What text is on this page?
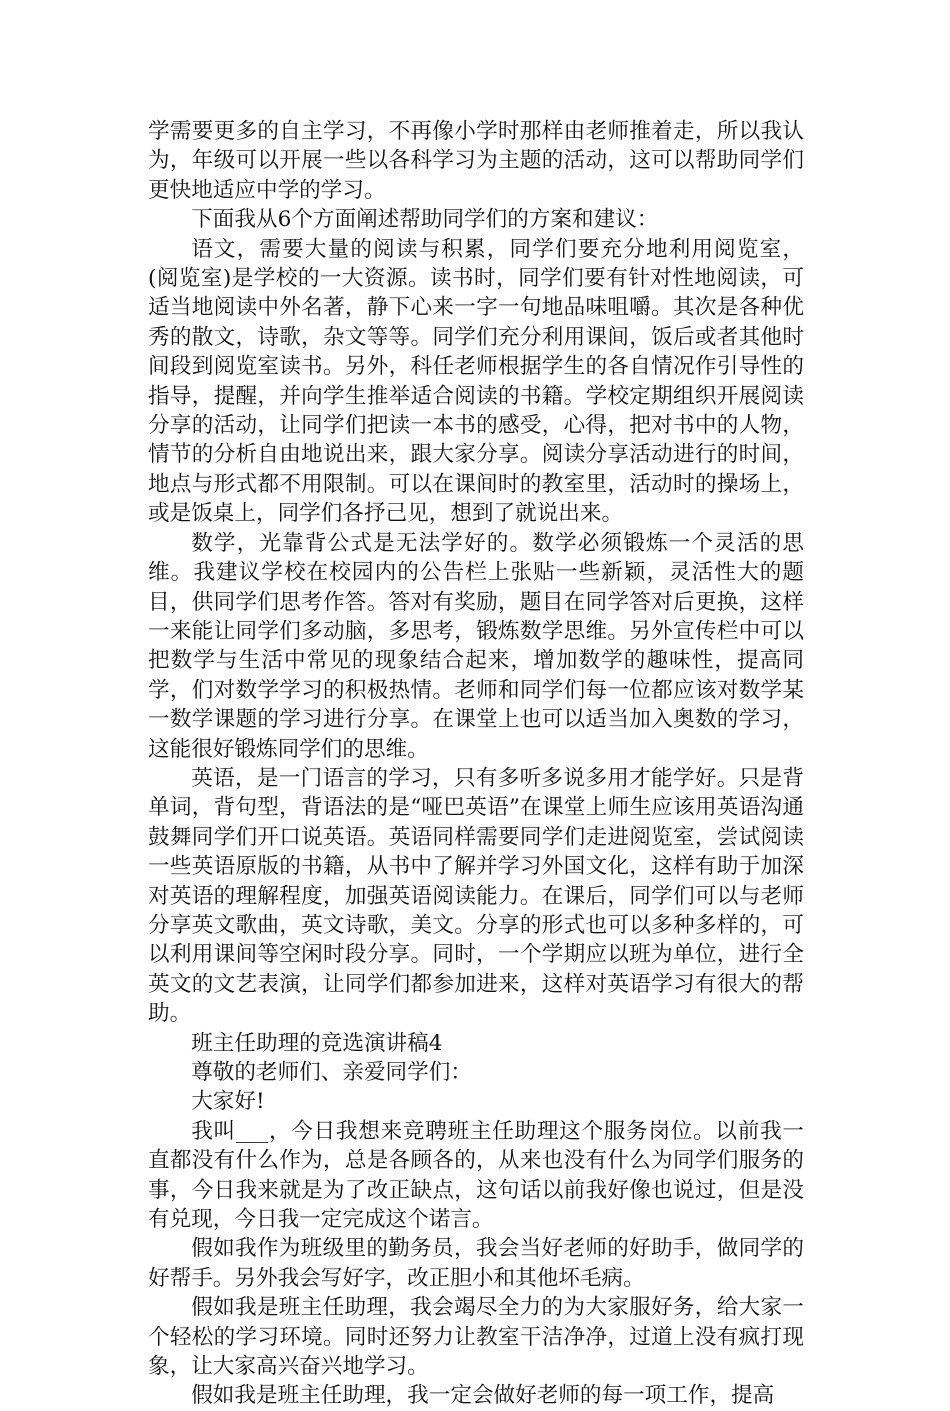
学需要更多的自主学习，不再像小学时那样由老师推着走，所以我认为，年级可以开展一些以各科学习为主题的活动，这可以帮助同学们更快地适应中学的学习。

下面我从6个方面阐述帮助同学们的方案和建议：

语文，需要大量的阅读与积累，同学们要充分地利用阅览室，(阅览室)是学校的一大资源。读书时，同学们要有针对性地阅读，可适当地阅读中外名著，静下心来一字一句地品味咀嚼。其次是各种优秀的散文，诗歌，杂文等等。同学们充分利用课间，饭后或者其他时间段到阅览室读书。另外，科任老师根据学生的各自情况作引导性的指导，提醒，并向学生推举适合阅读的书籍。学校定期组织开展阅读分享的活动，让同学们把读一本书的感受，心得，把对书中的人物，情节的分析自由地说出来，跟大家分享。阅读分享活动进行的时间，地点与形式都不用限制。可以在课间时的教室里，活动时的操场上，或是饭桌上，同学们各抒己见，想到了就说出来。

数学，光靠背公式是无法学好的。数学必须锻炼一个灵活的思维。我建议学校在校园内的公告栏上张贴一些新颖，灵活性大的题目，供同学们思考作答。答对有奖励，题目在同学答对后更换，这样一来能让同学们多动脑，多思考，锻炼数学思维。另外宣传栏中可以把数学与生活中常见的现象结合起来，增加数学的趣味性，提高同学，们对数学学习的积极热情。老师和同学们每一位都应该对数学某一数学课题的学习进行分享。在课堂上也可以适当加入奥数的学习，这能很好锻炼同学们的思维。

英语，是一门语言的学习，只有多听多说多用才能学好。只是背单词，背句型，背语法的是“哑巴英语”在课堂上师生应该用英语沟通鼓舞同学们开口说英语。英语同样需要同学们走进阅览室，尝试阅读一些英语原版的书籍，从书中了解并学习外国文化，这样有助于加深对英语的理解程度，加强英语阅读能力。在课后，同学们可以与老师分享英文歌曲，英文诗歌，美文。分享的形式也可以多种多样的，可以利用课间等空闲时段分享。同时，一个学期应以班为单位，进行全英文的文艺表演，让同学们都参加进来，这样对英语学习有很大的帮助。

班主任助理的竞选演讲稿4

尊敬的老师们、亲爱同学们：

大家好!

我叫___，今日我想来竞聘班主任助理这个服务岗位。以前我一直都没有什么作为，总是各顾各的，从来也没有什么为同学们服务的事，今日我来就是为了改正缺点，这句话以前我好像也说过，但是没有兑现，今日我一定完成这个诺言。

假如我作为班级里的勤务员，我会当好老师的好助手，做同学的好帮手。另外我会写好字，改正胆小和其他坏毛病。

假如我是班主任助理，我会竭尽全力的为大家服好务，给大家一个轻松的学习环境。同时还努力让教室干洁净净，过道上没有疯打现象，让大家高兴奋兴地学习。

假如我是班主任助理，我一定会做好老师的每一项工作，提高
